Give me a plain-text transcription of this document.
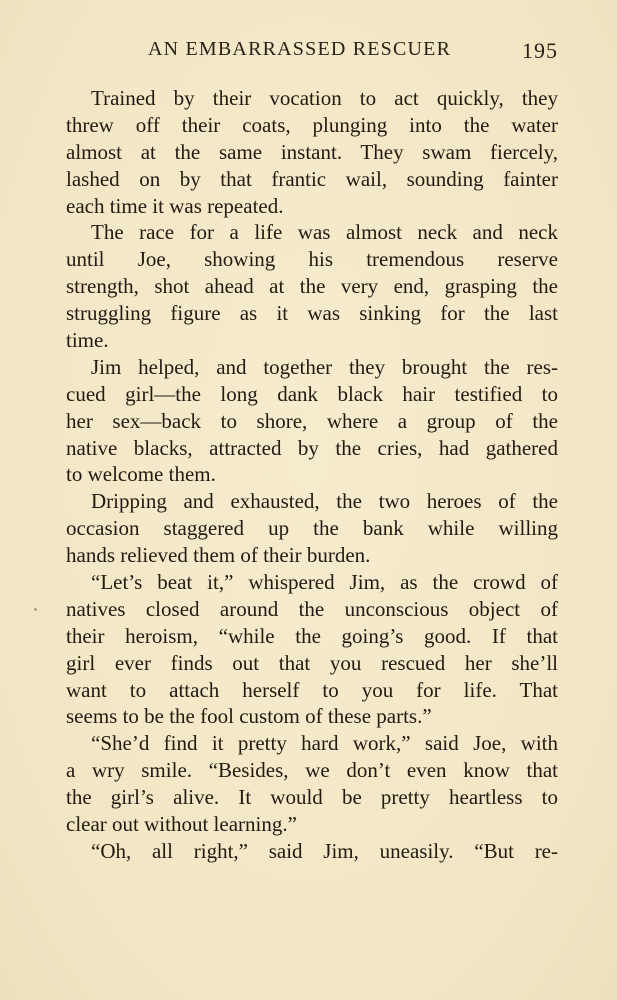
AN EMBARRASSED RESCUER	195
Trained by their vocation to act quickly, they
threw off their coats, plunging into the water
almost at the same instant. They swam fiercely,
lashed on by that frantic wail, sounding fainter
each time it was repeated.
The race for a life was almost neck and neck
until Joe, showing his tremendous reserve
strength, shot ahead at the very end, grasping the
struggling figure as it was sinking for the last
time.
Jim helped, and together they brought the res-
cued girl—the long dank black hair testified to
her sex—back to shore, where a group of the
native blacks, attracted by the cries, had gathered
to welcome them.
Dripping and exhausted, the two heroes of the
occasion staggered up the bank while willing
hands relieved them of their burden.
“Let’s beat it,” whispered Jim, as the crowd of
natives closed around the unconscious object of
their heroism, “while the going’s good. If that
girl ever finds out that you rescued her she’ll
want to attach herself to you for life. That
seems to be the fool custom of these parts.”
“She’d find it pretty hard work,” said Joe, with
a wry smile. “Besides, we don’t even know that
the girl’s alive. It would be pretty heartless to
clear out without learning.”
“Oh, all right,” said Jim, uneasily. “But re-
